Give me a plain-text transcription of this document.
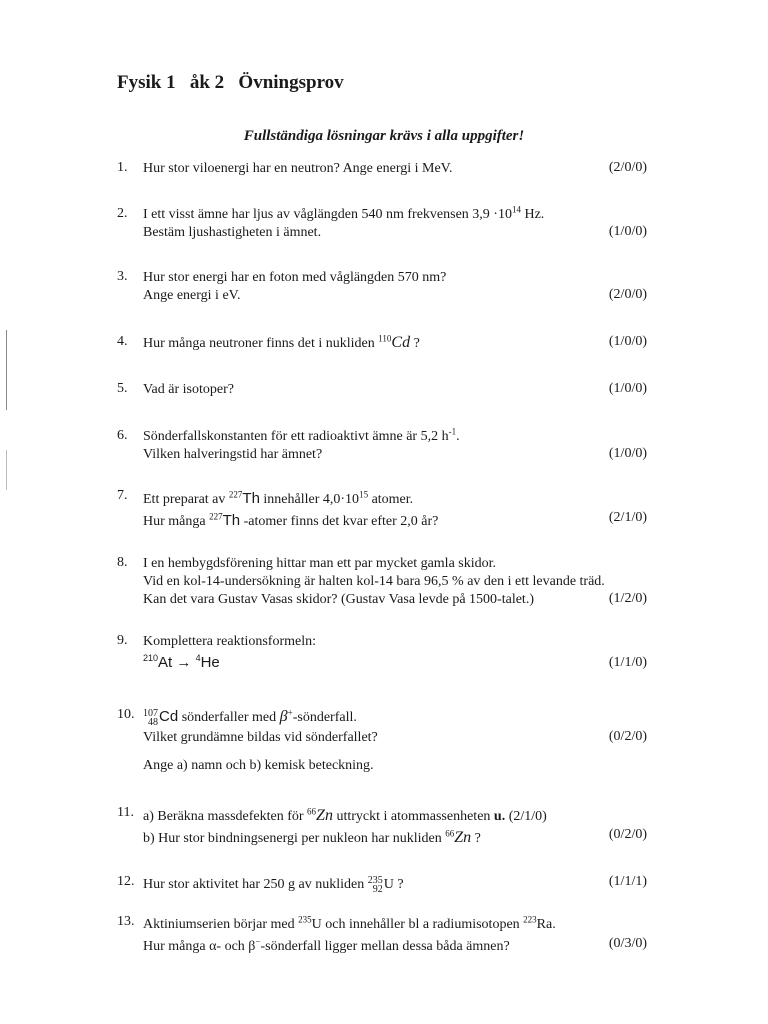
Fysik 1   åk 2   Övningsprov
Fullständiga lösningar krävs i alla uppgifter!
1.	Hur stor viloenergi har en neutron? Ange energi i MeV.	(2/0/0)
2.	I ett visst ämne har ljus av våglängden 540 nm frekvensen $3,9 \cdot 10^{14}$ Hz.
Bestäm ljushastigheten i ämnet.	(1/0/0)
3.	Hur stor energi har en foton med våglängden 570 nm?
Ange energi i eV.	(2/0/0)
4.	Hur många neutroner finns det i nukliden $^{110}$Cd ?	(1/0/0)
5.	Vad är isotoper?	(1/0/0)
6.	Sönderfallskonstanten för ett radioaktivt ämne är 5,2 $h^{-1}$.
Vilken halveringstid har ämnet?	(1/0/0)
7.	Ett preparat av $^{227}$Th innehåller $4,0\cdot 10^{15}$ atomer.
Hur många $^{227}$Th -atomer finns det kvar efter 2,0 år?	(2/1/0)
8.	I en hembygdsförening hittar man ett par mycket gamla skidor.
Vid en kol-14-undersökning är halten kol-14 bara 96,5 % av den i ett levande träd.
Kan det vara Gustav Vasas skidor? (Gustav Vasa levde på 1500-talet.)	(1/2/0)
9.	Komplettera reaktionsformeln:
$^{210}$At → $^4$He	(1/1/0)
10. 107
48 Cd sönderfaller med β+-sönderfall.
Vilket grundämne bildas vid sönderfallet?
Ange a) namn och b) kemisk beteckning.
(0/2/0)
11. a) Beräkna massdefekten för $^{66}$Zn uttryckt i atommassenheten u. (2/1/0)
b) Hur stor bindningsenergi per nukleon har nukliden $^{66}$Zn ?	(0/2/0)
12. Hur stor aktivitet har 250 g av nukliden 235
92 U ?	(1/1/1)
13. Aktiniumserien börjar med $^{235}$U och innehåller bl a radiumisotopen $^{223}$Ra.
Hur många α- och β−-sönderfall ligger mellan dessa båda ämnen?	(0/3/0)
